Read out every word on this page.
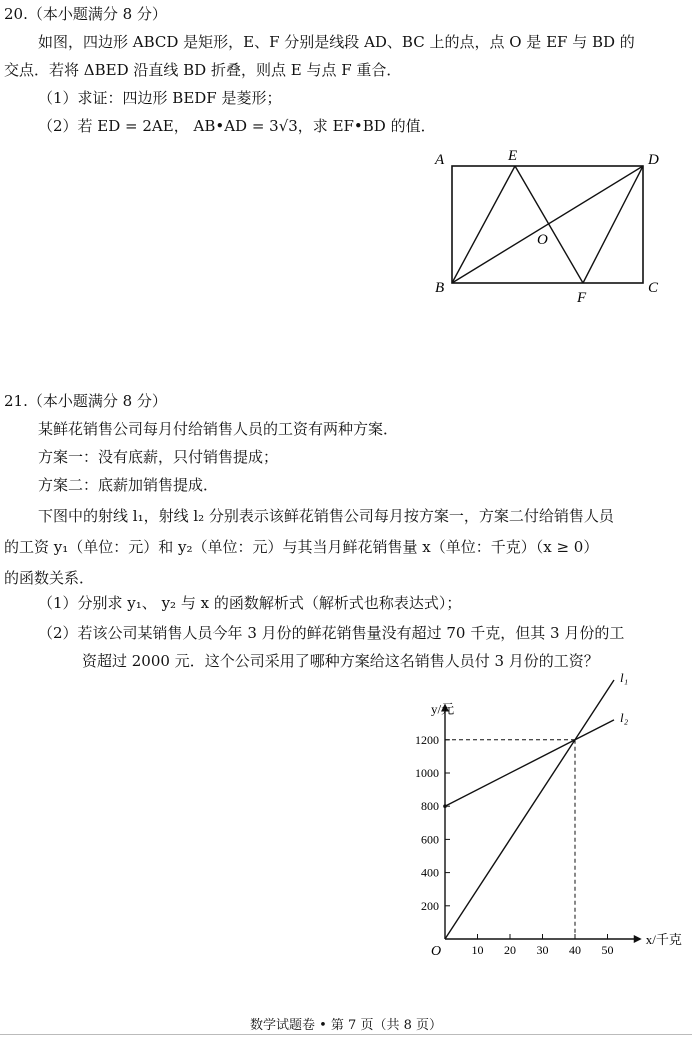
20.（本小题满分 8 分）
如图，四边形 ABCD 是矩形，E、F 分别是线段 AD、BC 上的点，点 O 是 EF 与 BD 的
交点．若将 ΔBED 沿直线 BD 折叠，则点 E 与点 F 重合．
（1）求证：四边形 BEDF 是菱形；
（2）若 ED = 2AE， AB•AD = 3√3，求 EF•BD 的值．
A	E	D
O
B
F
C
21.（本小题满分 8 分）
某鲜花销售公司每月付给销售人员的工资有两种方案．
方案一：没有底薪，只付销售提成；
方案二：底薪加销售提成．
下图中的射线 l₁，射线 l₂ 分别表示该鲜花销售公司每月按方案一，方案二付给销售人员
的工资 y₁（单位：元）和 y₂（单位：元）与其当月鲜花销售量 x（单位：千克）（x ≥ 0）
的函数关系．
（1）分别求 y₁、 y₂ 与 x 的函数解析式（解析式也称表达式）；
（2）若该公司某销售人员今年 3 月份的鲜花销售量没有超过 70 千克，但其 3 月份的工
资超过 2000 元．这个公司采用了哪种方案给这名销售人员付 3 月份的工资？
10 20 30 40 50
200
400
600
800
1000
1200
x/千克
y/元
O
l₁
l₂
数学试题卷 • 第 7 页（共 8 页）
